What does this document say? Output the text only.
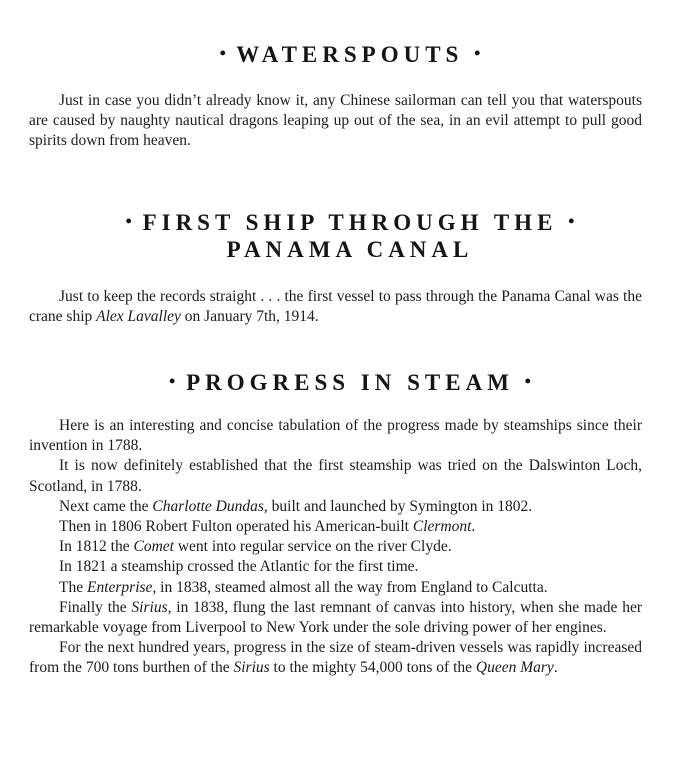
• WATERSPOUTS •

Just in case you didn’t already know it, any Chinese sailorman can tell you that waterspouts are caused by naughty nautical dragons leaping up out of the sea, in an evil attempt to pull good spirits down from heaven.

• FIRST SHIP THROUGH THE •
PANAMA CANAL

Just to keep the records straight . . . the first vessel to pass through the Panama Canal was the crane ship Alex Lavalley on January 7th, 1914.

• PROGRESS IN STEAM •

Here is an interesting and concise tabulation of the progress made by steamships since their invention in 1788.

It is now definitely established that the first steamship was tried on the Dalswinton Loch, Scotland, in 1788.

Next came the Charlotte Dundas, built and launched by Symington in 1802.

Then in 1806 Robert Fulton operated his American-built Clermont.

In 1812 the Comet went into regular service on the river Clyde.

In 1821 a steamship crossed the Atlantic for the first time.

The Enterprise, in 1838, steamed almost all the way from England to Calcutta.

Finally the Sirius, in 1838, flung the last remnant of canvas into history, when she made her remarkable voyage from Liverpool to New York under the sole driving power of her engines.

For the next hundred years, progress in the size of steam-driven vessels was rapidly increased from the 700 tons burthen of the Sirius to the mighty 54,000 tons of the Queen Mary.
